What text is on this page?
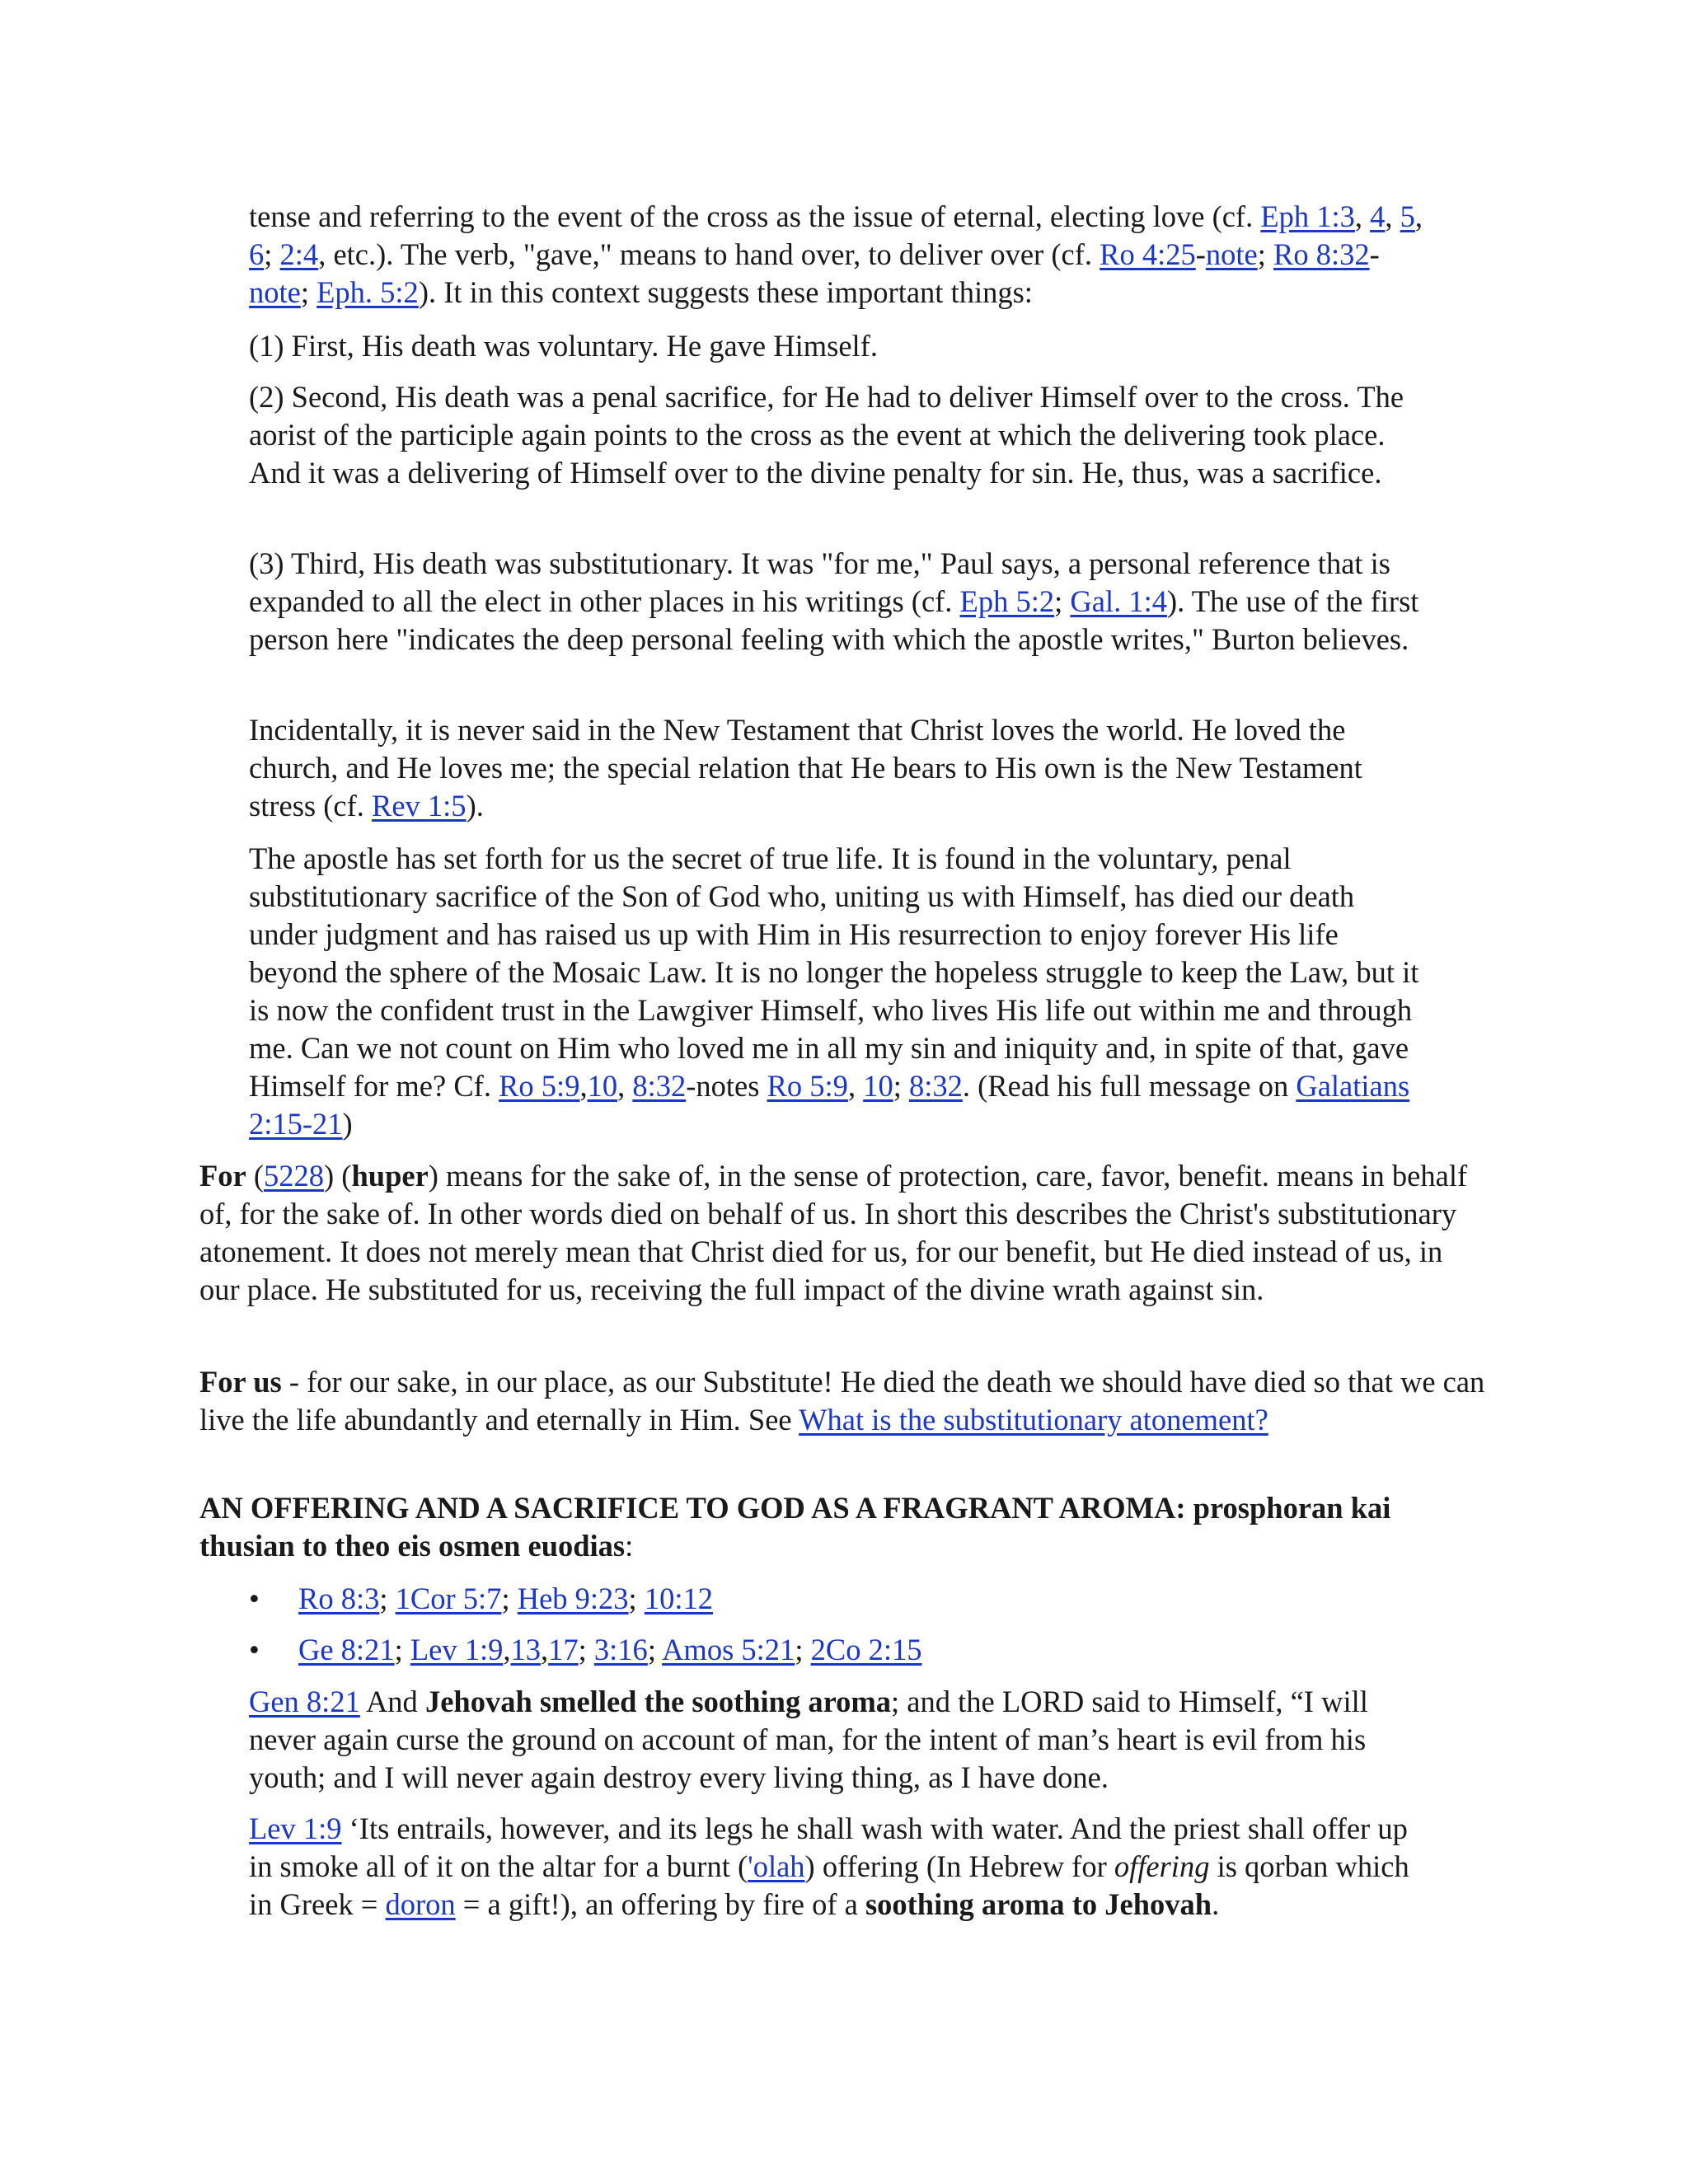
tense and referring to the event of the cross as the issue of eternal, electing love (cf. Eph 1:3, 4, 5, 6; 2:4, etc.). The verb, "gave," means to hand over, to deliver over (cf. Ro 4:25-note; Ro 8:32-note; Eph. 5:2). It in this context suggests these important things:

(1) First, His death was voluntary. He gave Himself.

(2) Second, His death was a penal sacrifice, for He had to deliver Himself over to the cross. The aorist of the participle again points to the cross as the event at which the delivering took place. And it was a delivering of Himself over to the divine penalty for sin. He, thus, was a sacrifice.

(3) Third, His death was substitutionary. It was "for me," Paul says, a personal reference that is expanded to all the elect in other places in his writings (cf. Eph 5:2; Gal. 1:4). The use of the first person here "indicates the deep personal feeling with which the apostle writes," Burton believes.

Incidentally, it is never said in the New Testament that Christ loves the world. He loved the church, and He loves me; the special relation that He bears to His own is the New Testament stress (cf. Rev 1:5).

The apostle has set forth for us the secret of true life. It is found in the voluntary, penal substitutionary sacrifice of the Son of God who, uniting us with Himself, has died our death under judgment and has raised us up with Him in His resurrection to enjoy forever His life beyond the sphere of the Mosaic Law. It is no longer the hopeless struggle to keep the Law, but it is now the confident trust in the Lawgiver Himself, who lives His life out within me and through me. Can we not count on Him who loved me in all my sin and iniquity and, in spite of that, gave Himself for me? Cf. Ro 5:9,10, 8:32-notes Ro 5:9, 10; 8:32. (Read his full message on Galatians 2:15-21)

For (5228) (huper) means for the sake of, in the sense of protection, care, favor, benefit. means in behalf of, for the sake of. In other words died on behalf of us. In short this describes the Christ's substitutionary atonement. It does not merely mean that Christ died for us, for our benefit, but He died instead of us, in our place. He substituted for us, receiving the full impact of the divine wrath against sin.

For us - for our sake, in our place, as our Substitute! He died the death we should have died so that we can live the life abundantly and eternally in Him. See What is the substitutionary atonement?

AN OFFERING AND A SACRIFICE TO GOD AS A FRAGRANT AROMA: prosphoran kai thusian to theo eis osmen euodias:

• Ro 8:3; 1Cor 5:7; Heb 9:23; 10:12
• Ge 8:21; Lev 1:9,13,17; 3:16; Amos 5:21; 2Co 2:15

Gen 8:21 And Jehovah smelled the soothing aroma; and the LORD said to Himself, “I will never again curse the ground on account of man, for the intent of man’s heart is evil from his youth; and I will never again destroy every living thing, as I have done.

Lev 1:9 ‘Its entrails, however, and its legs he shall wash with water. And the priest shall offer up in smoke all of it on the altar for a burnt ('olah) offering (In Hebrew for offering is qorban which in Greek = doron = a gift!), an offering by fire of a soothing aroma to Jehovah.
